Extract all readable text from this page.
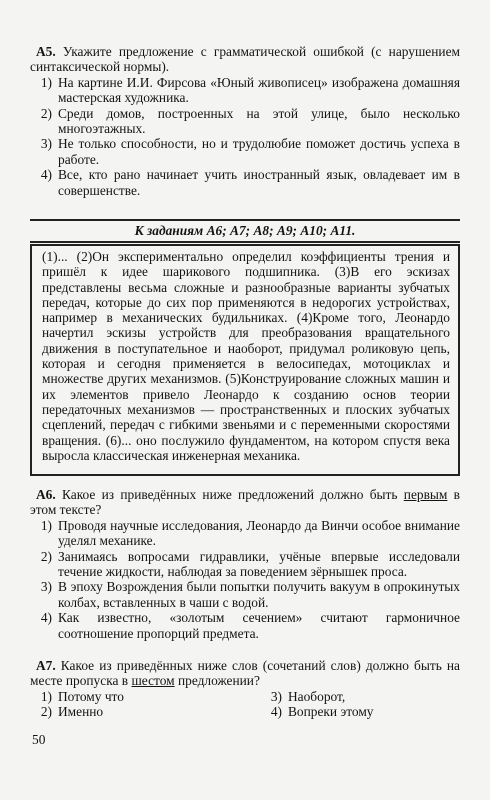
А5. Укажите предложение с грамматической ошибкой (с нарушением синтаксической нормы).
1) На картине И.И. Фирсова «Юный живописец» изображена домашняя мастерская художника.
2) Среди домов, построенных на этой улице, было несколько многоэтажных.
3) Не только способности, но и трудолюбие поможет достичь успеха в работе.
4) Все, кто рано начинает учить иностранный язык, овладевает им в совершенстве.
К заданиям А6; А7; А8; А9; А10; А11.
(1)... (2)Он экспериментально определил коэффициенты трения и пришёл к идее шарикового подшипника. (3)В его эскизах представлены весьма сложные и разнообразные варианты зубчатых передач, которые до сих пор применяются в недорогих устройствах, например в механических будильниках. (4)Кроме того, Леонардо начертил эскизы устройств для преобразования вращательного движения в поступательное и наоборот, придумал роликовую цепь, которая и сегодня применяется в велосипедах, мотоциклах и множестве других механизмов. (5)Конструирование сложных машин и их элементов привело Леонардо к созданию основ теории передаточных механизмов — пространственных и плоских зубчатых сцеплений, передач с гибкими звеньями и с переменными скоростями вращения. (6)... оно послужило фундаментом, на котором спустя века выросла классическая инженерная механика.
А6. Какое из приведённых ниже предложений должно быть первым в этом тексте?
1) Проводя научные исследования, Леонардо да Винчи особое внимание уделял механике.
2) Занимаясь вопросами гидравлики, учёные впервые исследовали течение жидкости, наблюдая за поведением зёрнышек проса.
3) В эпоху Возрождения были попытки получить вакуум в опрокинутых колбах, вставленных в чаши с водой.
4) Как известно, «золотым сечением» считают гармоничное соотношение пропорций предмета.
А7. Какое из приведённых ниже слов (сочетаний слов) должно быть на месте пропуска в шестом предложении?
1) Потому что	3) Наоборот,
2) Именно	4) Вопреки этому
50
